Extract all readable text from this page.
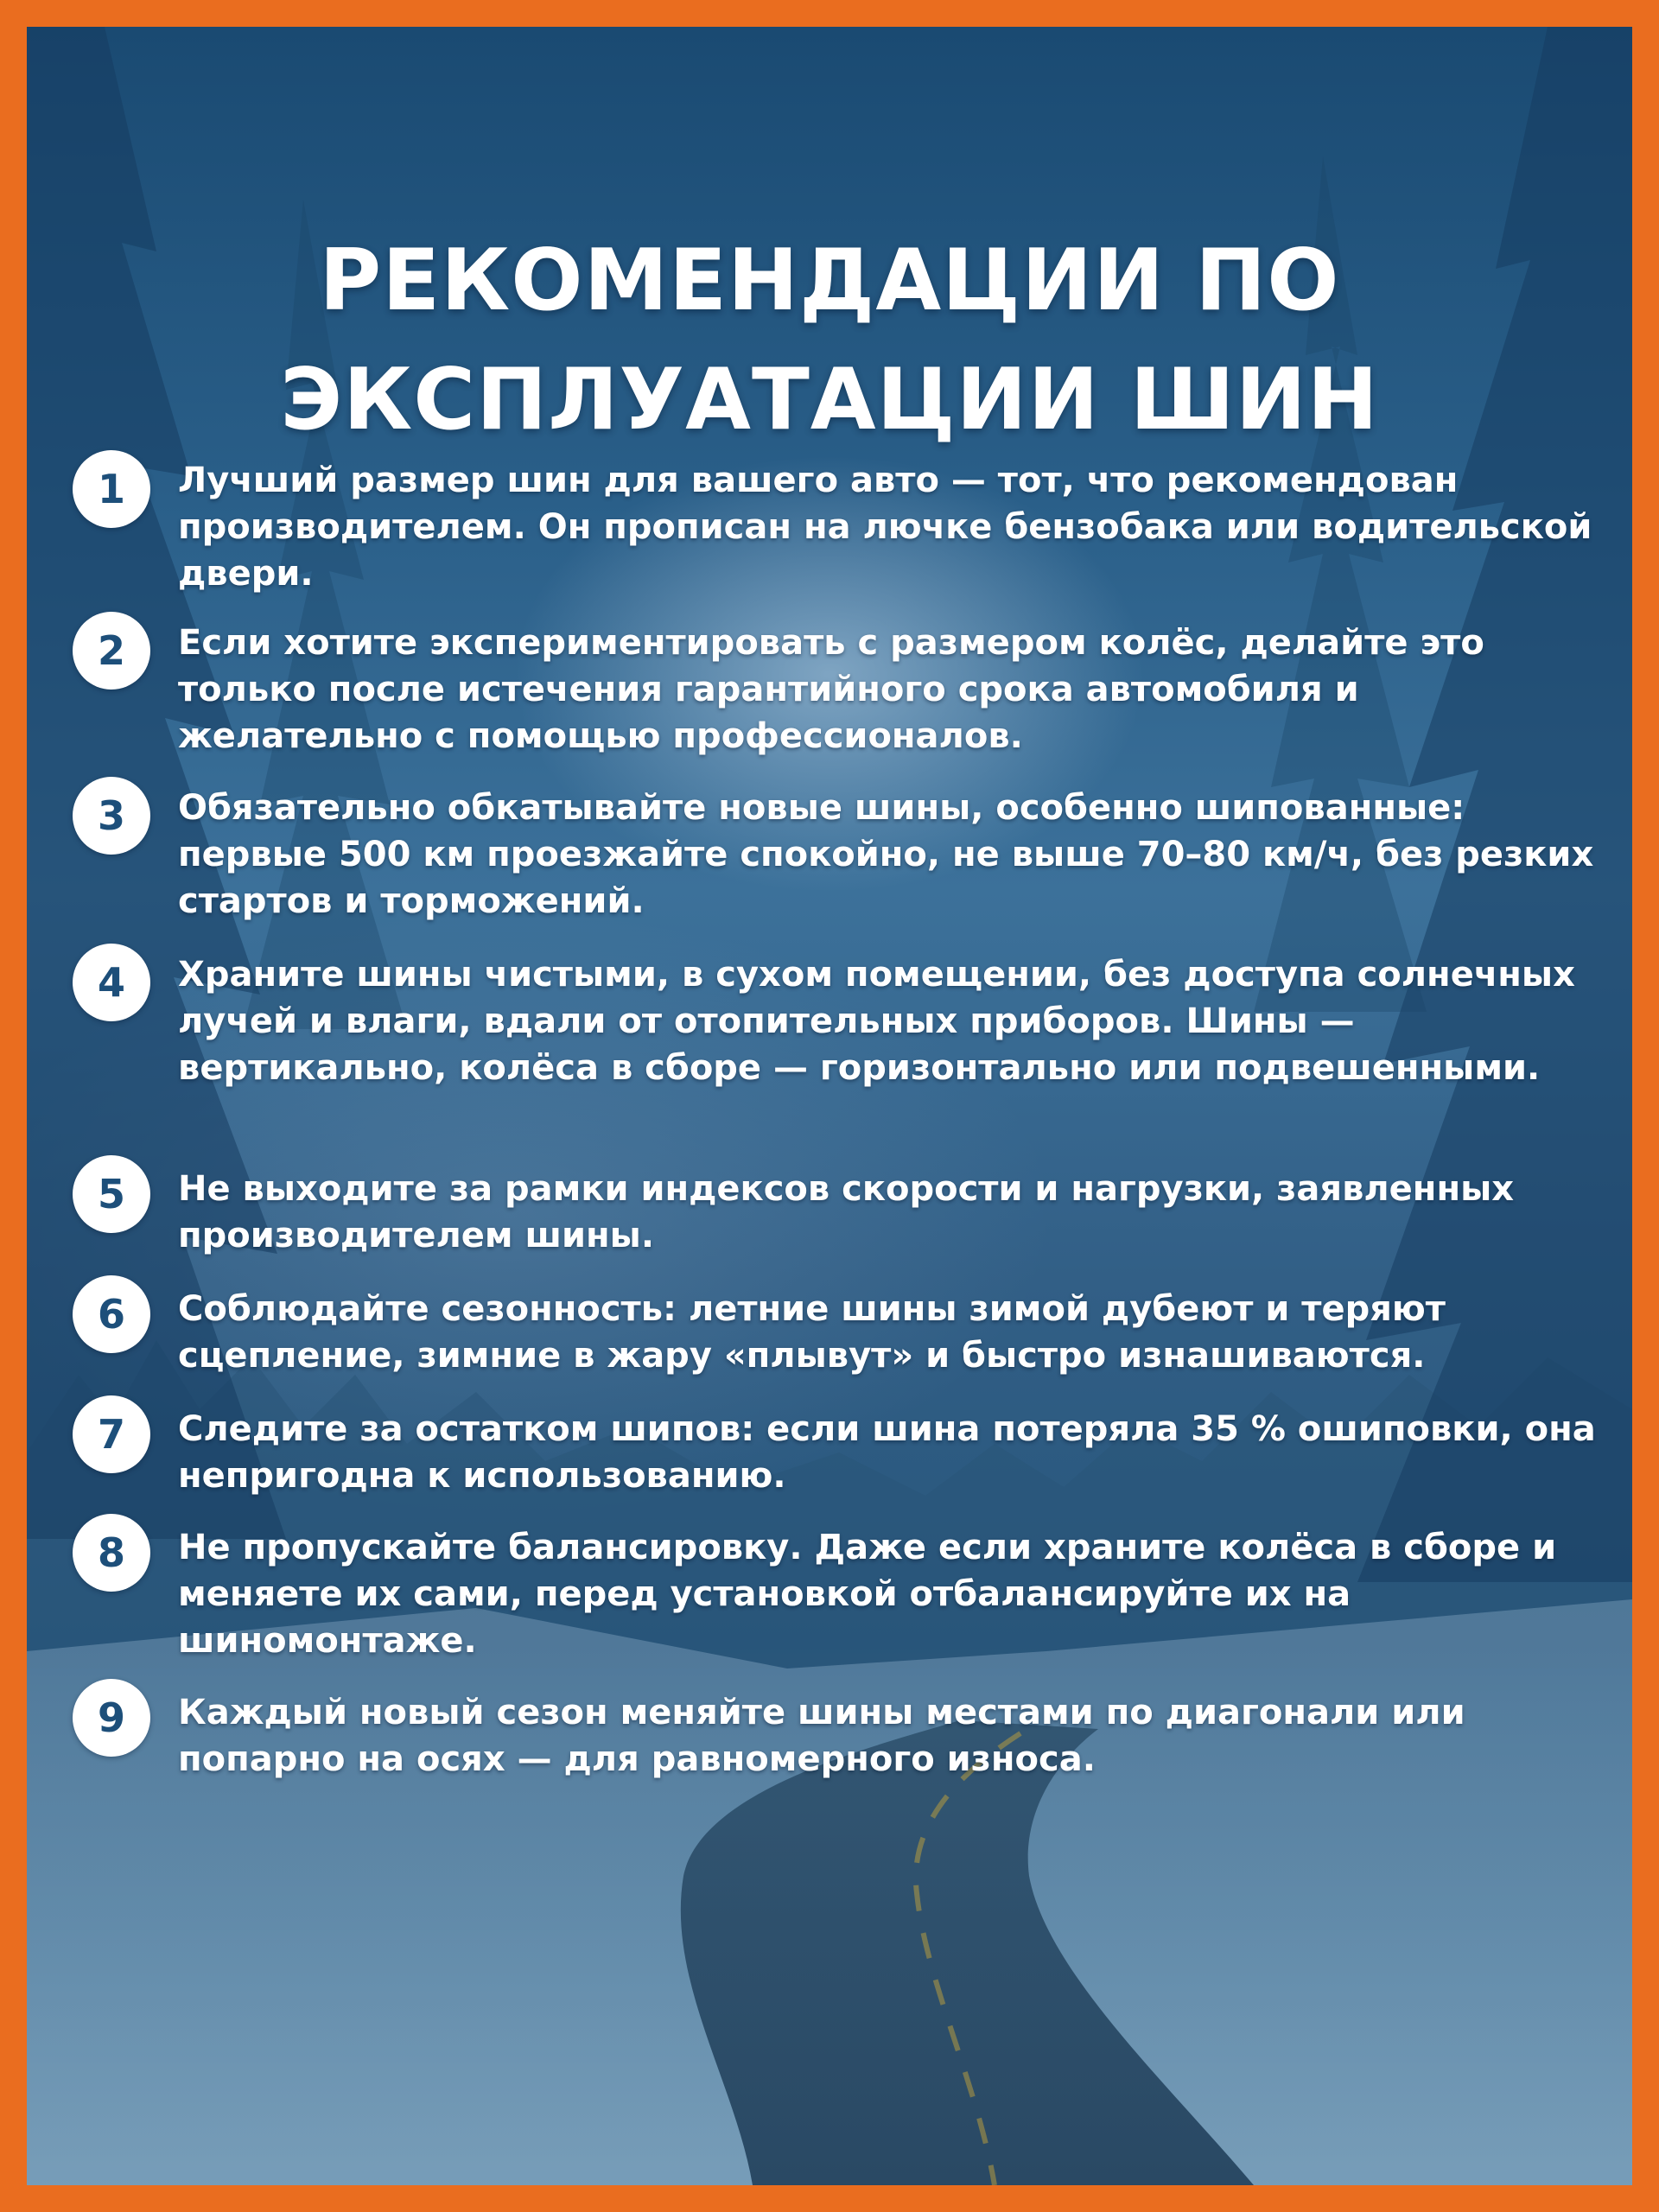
РЕКОМЕНДАЦИИ ПО
ЭКСПЛУАТАЦИИ ШИН
1	Лучший размер шин для вашего авто — тот, что рекомендован производителем. Он прописан на лючке бензобака или водительской двери.
2	Если хотите экспериментировать с размером колёс, делайте это только после истечения гарантийного срока автомобиля и желательно с помощью профессионалов.
3	Обязательно обкатывайте новые шины, особенно шипованные: первые 500 км проезжайте спокойно, не выше 70–80 км/ч, без резких стартов и торможений.
4	Храните шины чистыми, в сухом помещении, без доступа солнечных лучей и влаги, вдали от отопительных приборов. Шины — вертикально, колёса в сборе — горизонтально или подвешенными.
5	Не выходите за рамки индексов скорости и нагрузки, заявленных производителем шины.
6	Соблюдайте сезонность: летние шины зимой дубеют и теряют сцепление, зимние в жару «плывут» и быстро изнашиваются.
7	Следите за остатком шипов: если шина потеряла 35 % ошиповки, она непригодна к использованию.
8	Не пропускайте балансировку. Даже если храните колёса в сборе и меняете их сами, перед установкой отбалансируйте их на шиномонтаже.
9	Каждый новый сезон меняйте шины местами по диагонали или попарно на осях — для равномерного износа.
